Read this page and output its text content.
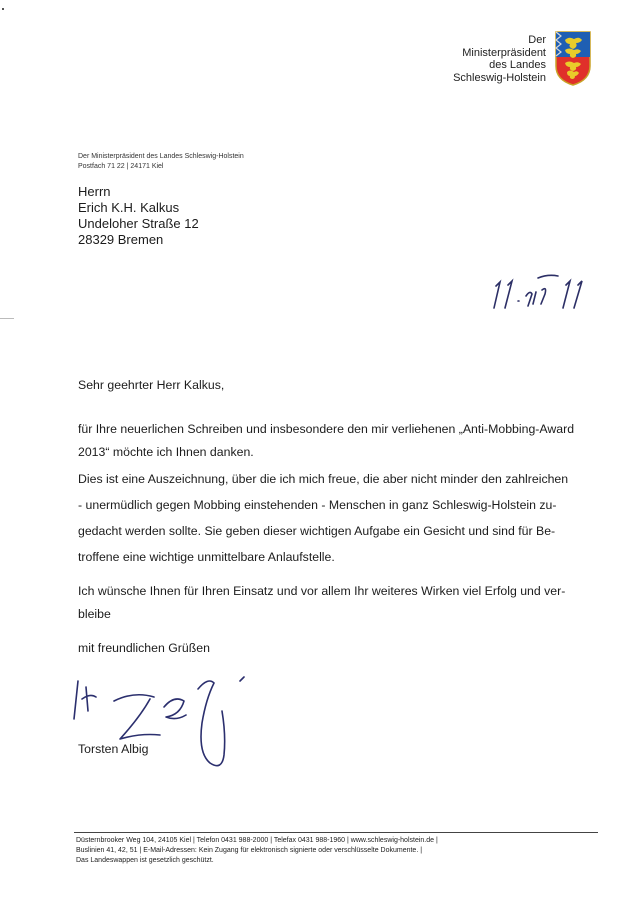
Der
Ministerpräsident
des Landes
Schleswig-Holstein
Der Ministerpräsident des Landes Schleswig-Holstein
Postfach 71 22 | 24171 Kiel
Herrn
Erich K.H. Kalkus
Undeloher Straße 12
28329 Bremen
Sehr geehrter Herr Kalkus,
für Ihre neuerlichen Schreiben und insbesondere den mir verliehenen „Anti-Mobbing-Award 2013“ möchte ich Ihnen danken.
Dies ist eine Auszeichnung, über die ich mich freue, die aber nicht minder den zahlreichen
- unermüdlich gegen Mobbing einstehenden - Menschen in ganz Schleswig-Holstein zu-
gedacht werden sollte. Sie geben dieser wichtigen Aufgabe ein Gesicht und sind für Be-
troffene eine wichtige unmittelbare Anlaufstelle.
Ich wünsche Ihnen für Ihren Einsatz und vor allem Ihr weiteres Wirken viel Erfolg und ver-
bleibe
mit freundlichen Grüßen
Torsten Albig
Düsternbrooker Weg 104, 24105 Kiel | Telefon 0431 988-2000 | Telefax 0431 988-1960 | www.schleswig-holstein.de |
Buslinien 41, 42, 51 | E-Mail-Adressen: Kein Zugang für elektronisch signierte oder verschlüsselte Dokumente. |
Das Landeswappen ist gesetzlich geschützt.
